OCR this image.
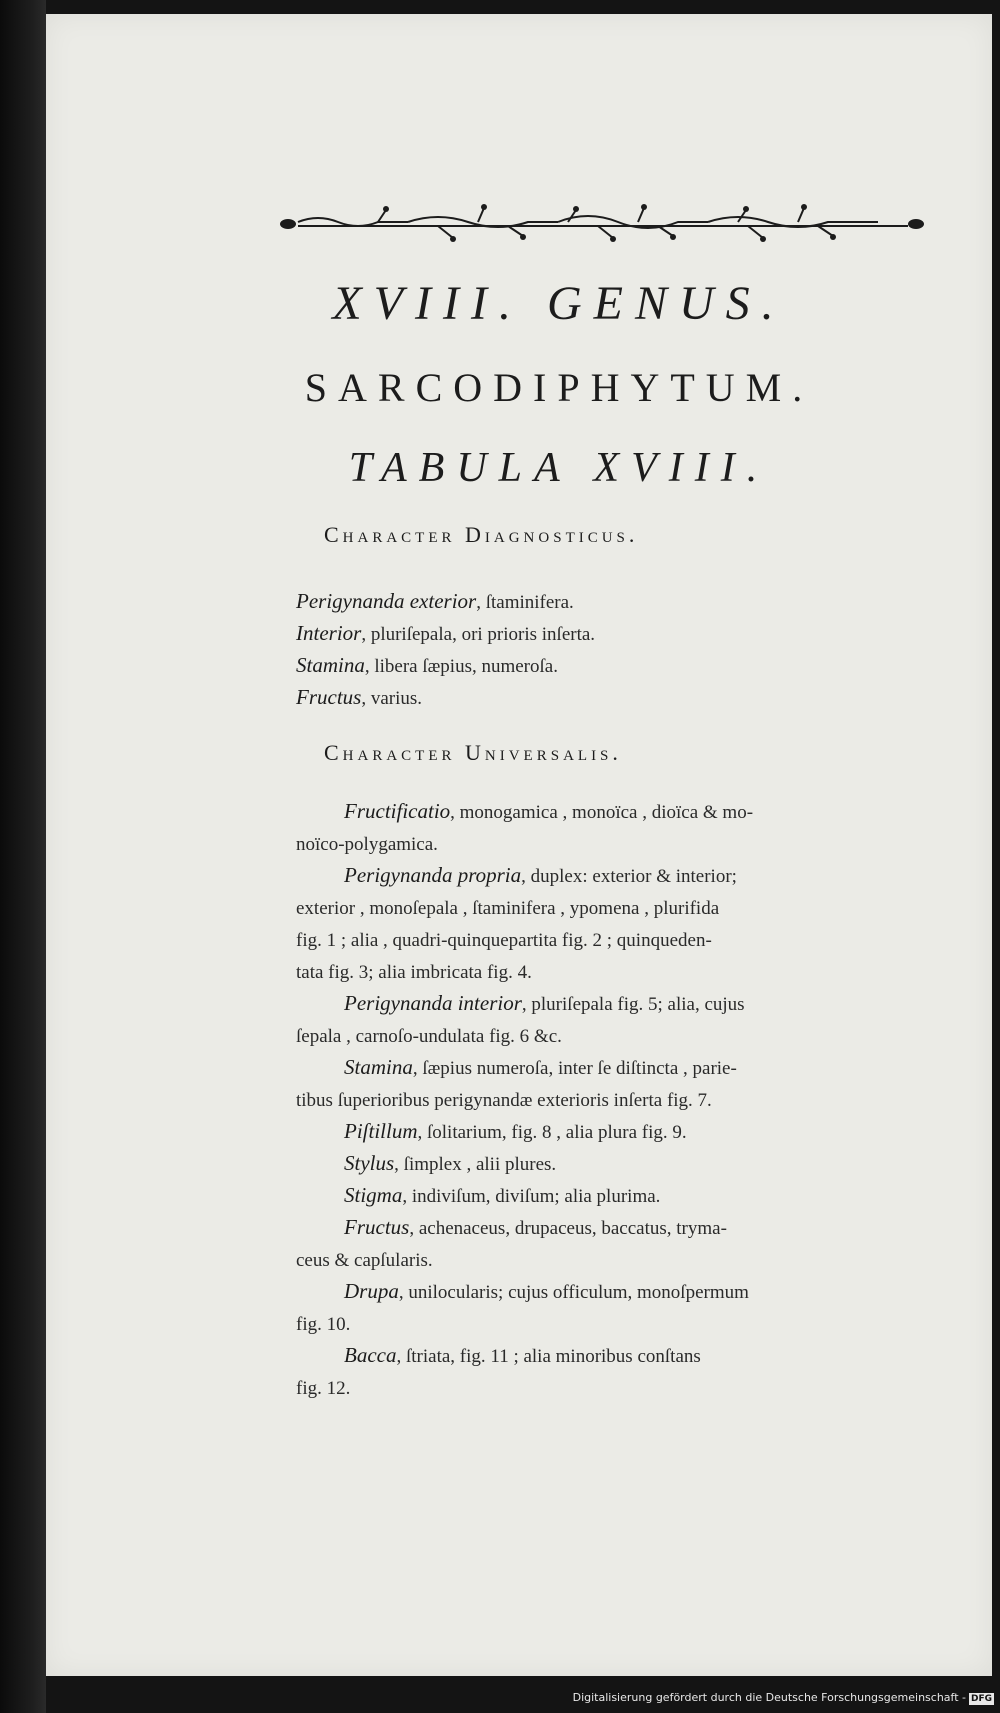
XVIII. GENUS.
SARCODIPHYTUM.
TABULA XVIII.
Character Diagnosticus.
Perigynanda exterior, ſtaminifera.
Interior, pluriſepala, ori prioris inſerta.
Stamina, libera ſæpius, numeroſa.
Fructus, varius.
Character Universalis.
Fructificatio, monogamica , monoïca , dioïca & mo-
noïco-polygamica.
Perigynanda propria, duplex: exterior & interior;
exterior , monoſepala , ſtaminifera , ypomena , plurifida
fig. 1 ; alia , quadri-quinquepartita fig. 2 ; quinqueden-
tata fig. 3; alia imbricata fig. 4.
Perigynanda interior, pluriſepala fig. 5; alia, cujus
ſepala , carnoſo-undulata fig. 6 &c.
Stamina, ſæpius numeroſa, inter ſe diſtincta , parie-
tibus ſuperioribus perigynandæ exterioris inſerta fig. 7.
Piſtillum, ſolitarium, fig. 8 , alia plura fig. 9.
Stylus, ſimplex , alii plures.
Stigma, indiviſum, diviſum; alia plurima.
Fructus, achenaceus, drupaceus, baccatus, tryma-
ceus & capſularis.
Drupa, unilocularis; cujus officulum, monoſpermum
fig. 10.
Bacca, ſtriata, fig. 11 ; alia minoribus conſtans
fig. 12.
Digitalisierung gefördert durch die Deutsche Forschungsgemeinschaft - DFG
